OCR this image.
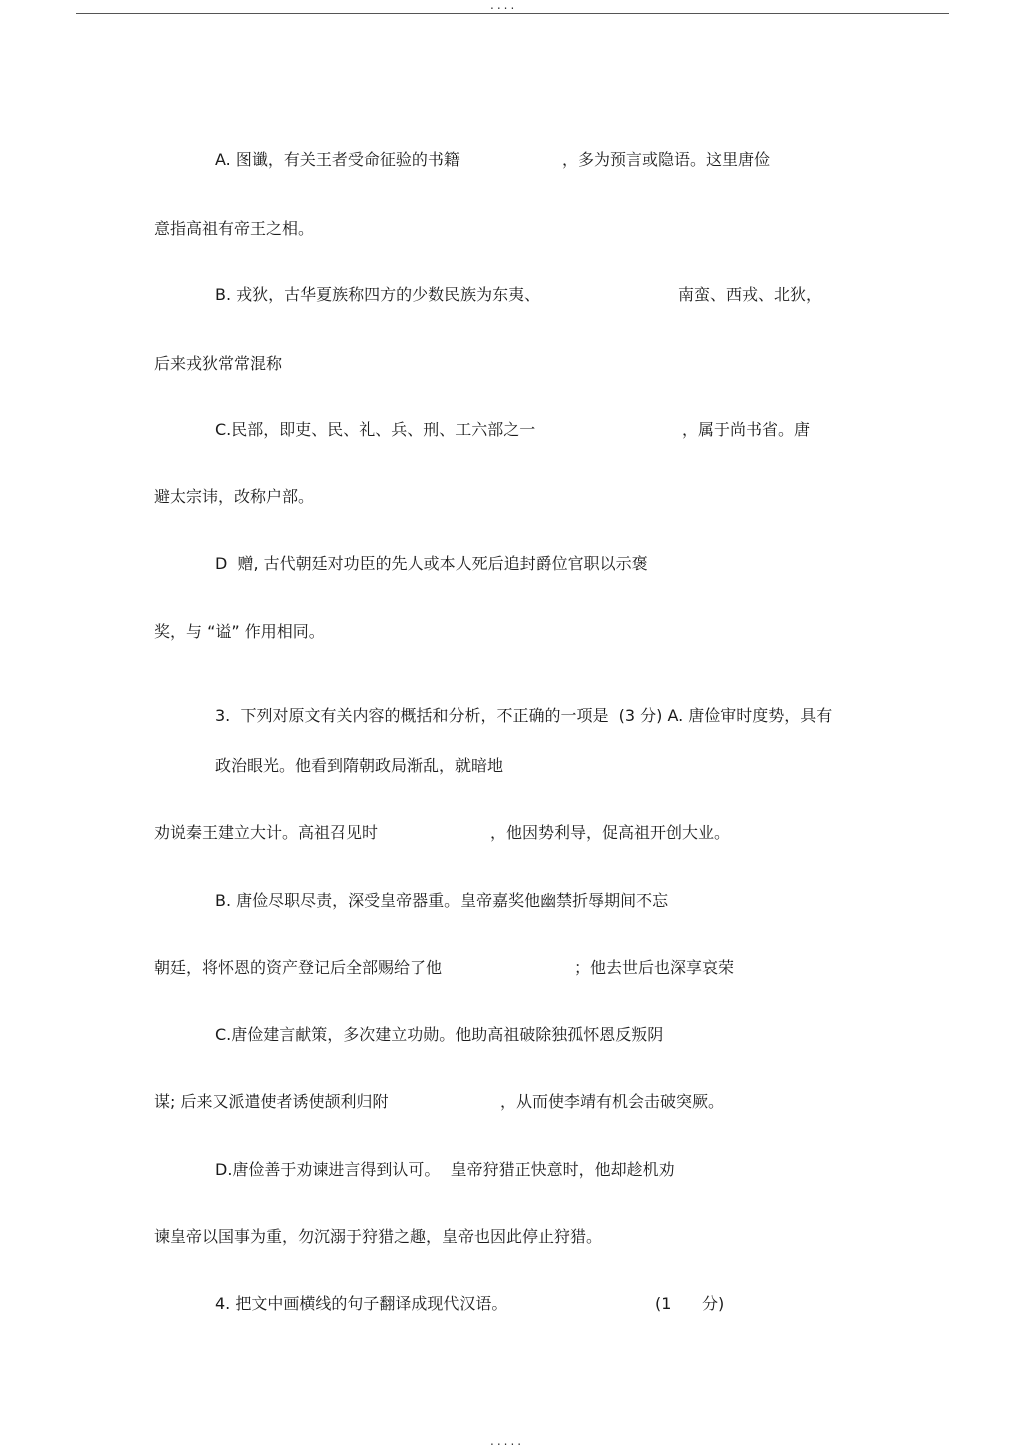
....
A. 图谶，有关王者受命征验的书籍	，多为预言或隐语。这里唐俭
意指高祖有帝王之相。
B. 戎狄，古华夏族称四方的少数民族为东夷、	南蛮、西戎、北狄，
后来戎狄常常混称
C.民部，即吏、民、礼、兵、刑、工六部之一	，属于尚书省。唐
避太宗讳，改称户部。
D  赠, 古代朝廷对功臣的先人或本人死后追封爵位官职以示褒
奖，与 “谥” 作用相同。
3.  下列对原文有关内容的概括和分析，不正确的一项是  (3 分) A. 唐俭审时度势，具有
政治眼光。他看到隋朝政局渐乱，就暗地
劝说秦王建立大计。高祖召见时	，他因势利导，促高祖开创大业。
B. 唐俭尽职尽责，深受皇帝器重。皇帝嘉奖他幽禁折辱期间不忘
朝廷，将怀恩的资产登记后全部赐给了他	；他去世后也深享哀荣
C.唐俭建言献策，多次建立功勋。他助高祖破除独孤怀恩反叛阴
谋; 后来又派遣使者诱使颉利归附	，从而使李靖有机会击破突厥。
D.唐俭善于劝谏进言得到认可。  皇帝狩猎正快意时，他却趁机劝
谏皇帝以国事为重，勿沉溺于狩猎之趣，皇帝也因此停止狩猎。
4. 把文中画横线的句子翻译成现代汉语。	(1      分)
.....
